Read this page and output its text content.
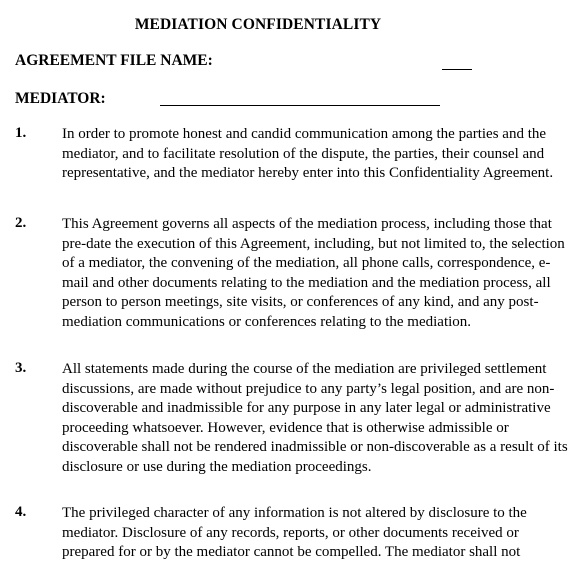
MEDIATION CONFIDENTIALITY
AGREEMENT FILE NAME:
MEDIATOR:
1. In order to promote honest and candid communication among the parties and the mediator, and to facilitate resolution of the dispute, the parties, their counsel and representative, and the mediator hereby enter into this Confidentiality Agreement.
2. This Agreement governs all aspects of the mediation process, including those that pre-date the execution of this Agreement, including, but not limited to, the selection of a mediator, the convening of the mediation, all phone calls, correspondence, e-mail and other documents relating to the mediation and the mediation process, all person to person meetings, site visits, or conferences of any kind, and any post-mediation communications or conferences relating to the mediation.
3. All statements made during the course of the mediation are privileged settlement discussions, are made without prejudice to any party’s legal position, and are non- discoverable and inadmissible for any purpose in any later legal or administrative proceeding whatsoever. However, evidence that is otherwise admissible or discoverable shall not be rendered inadmissible or non-discoverable as a result of its disclosure or use during the mediation proceedings.
4. The privileged character of any information is not altered by disclosure to the mediator. Disclosure of any records, reports, or other documents received or prepared for or by the mediator cannot be compelled. The mediator shall not
